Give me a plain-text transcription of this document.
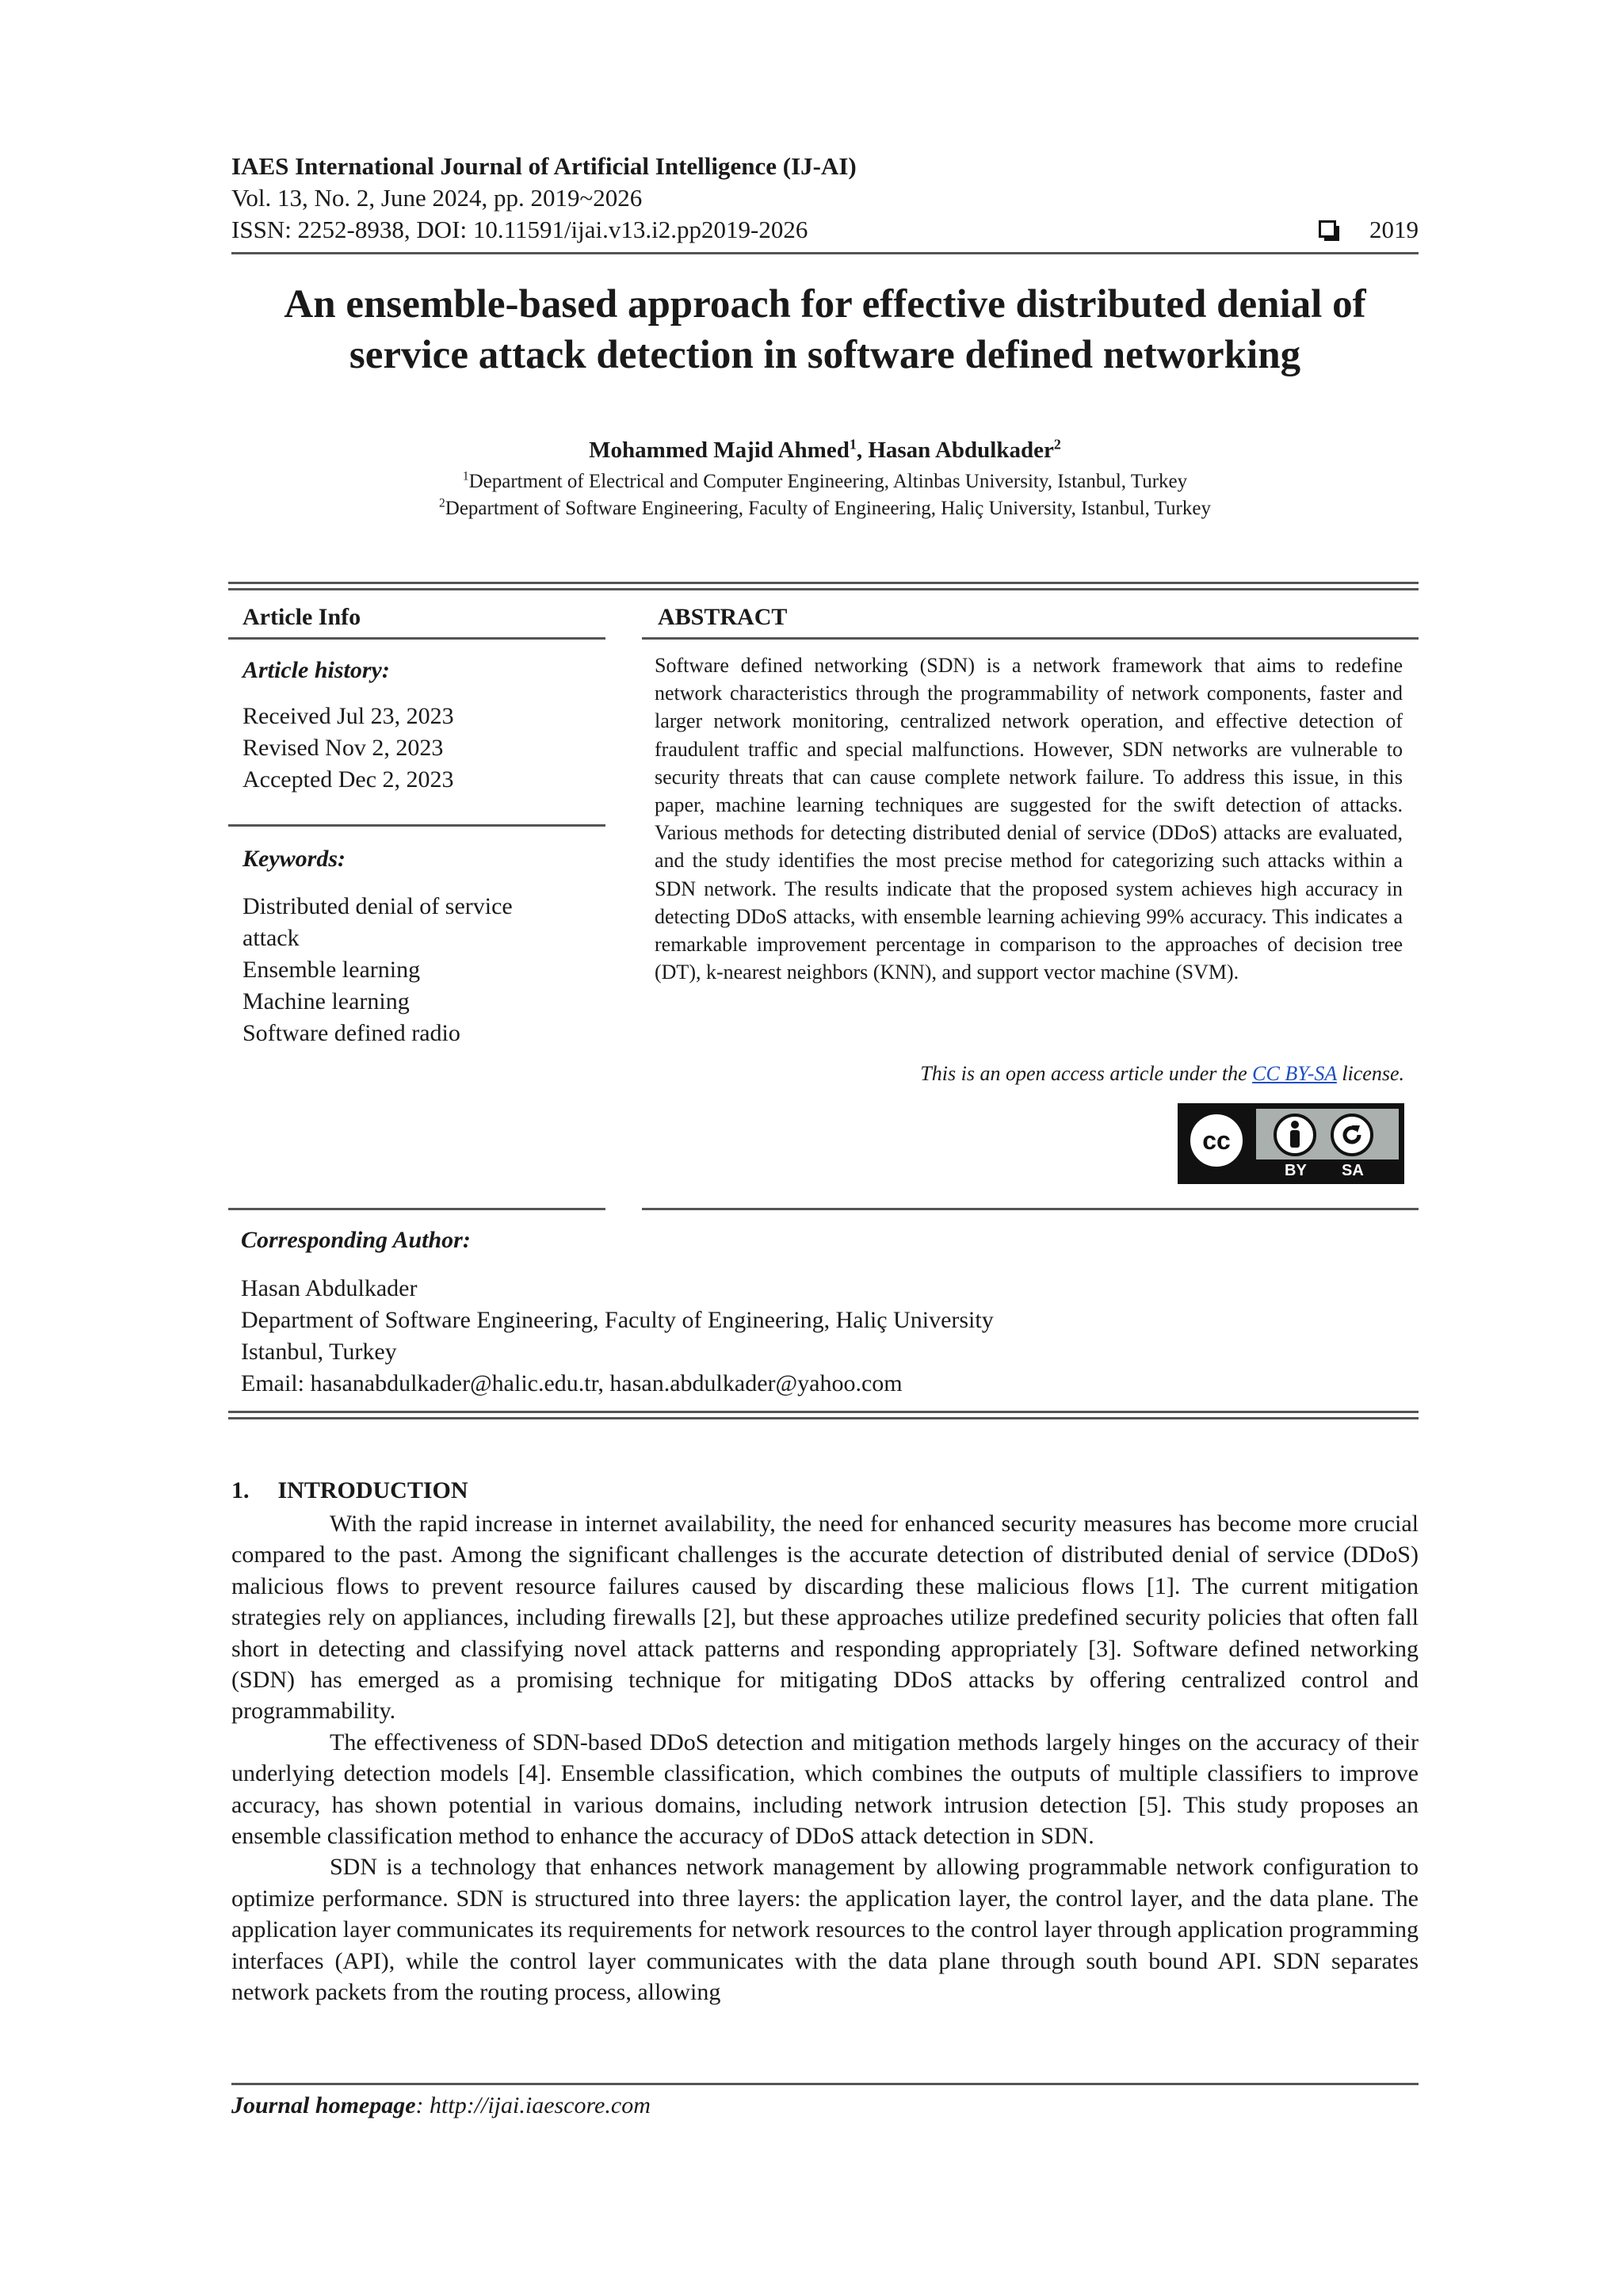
IAES International Journal of Artificial Intelligence (IJ-AI)
Vol. 13, No. 2, June 2024, pp. 2019~2026
ISSN: 2252-8938, DOI: 10.11591/ijai.v13.i2.pp2019-2026	2019
An ensemble-based approach for effective distributed denial of
service attack detection in software defined networking
Mohammed Majid Ahmed$^1$, Hasan Abdulkader$^2$
$^1$Department of Electrical and Computer Engineering, Altinbas University, Istanbul, Turkey
$^2$Department of Software Engineering, Faculty of Engineering, Haliç University, Istanbul, Turkey
Article Info
Article history:
Received Jul 23, 2023
Revised Nov 2, 2023
Accepted Dec 2, 2023
Keywords:
Distributed denial of service
attack
Ensemble learning
Machine learning
Software defined radio
ABSTRACT
Software defined networking (SDN) is a network framework that aims to redefine network characteristics through the programmability of network components, faster and larger network monitoring, centralized network operation, and effective detection of fraudulent traffic and special malfunctions. However, SDN networks are vulnerable to security threats that can cause complete network failure. To address this issue, in this paper, machine learning techniques are suggested for the swift detection of attacks. Various methods for detecting distributed denial of service (DDoS) attacks are evaluated, and the study identifies the most precise method for categorizing such attacks within a SDN network. The results indicate that the proposed system achieves high accuracy in detecting DDoS attacks, with ensemble learning achieving 99% accuracy. This indicates a remarkable improvement percentage in comparison to the approaches of decision tree (DT), k-nearest neighbors (KNN), and support vector machine (SVM).
This is an open access article under the CC BY-SA license.
cc
BY SA
Corresponding Author:
Hasan Abdulkader
Department of Software Engineering, Faculty of Engineering, Haliç University
Istanbul, Turkey
Email: hasanabdulkader@halic.edu.tr, hasan.abdulkader@yahoo.com
1. INTRODUCTION

With the rapid increase in internet availability, the need for enhanced security measures has become more crucial compared to the past. Among the significant challenges is the accurate detection of distributed denial of service (DDoS) malicious flows to prevent resource failures caused by discarding these malicious flows [1]. The current mitigation strategies rely on appliances, including firewalls [2], but these approaches utilize predefined security policies that often fall short in detecting and classifying novel attack patterns and responding appropriately [3]. Software defined networking (SDN) has emerged as a promising technique for mitigating DDoS attacks by offering centralized control and programmability.

The effectiveness of SDN-based DDoS detection and mitigation methods largely hinges on the accuracy of their underlying detection models [4]. Ensemble classification, which combines the outputs of multiple classifiers to improve accuracy, has shown potential in various domains, including network intrusion detection [5]. This study proposes an ensemble classification method to enhance the accuracy of DDoS attack detection in SDN.

SDN is a technology that enhances network management by allowing programmable network configuration to optimize performance. SDN is structured into three layers: the application layer, the control layer, and the data plane. The application layer communicates its requirements for network resources to the control layer through application programming interfaces (API), while the control layer communicates with the data plane through south bound API. SDN separates network packets from the routing process, allowing

Journal homepage: http://ijai.iaescore.com
